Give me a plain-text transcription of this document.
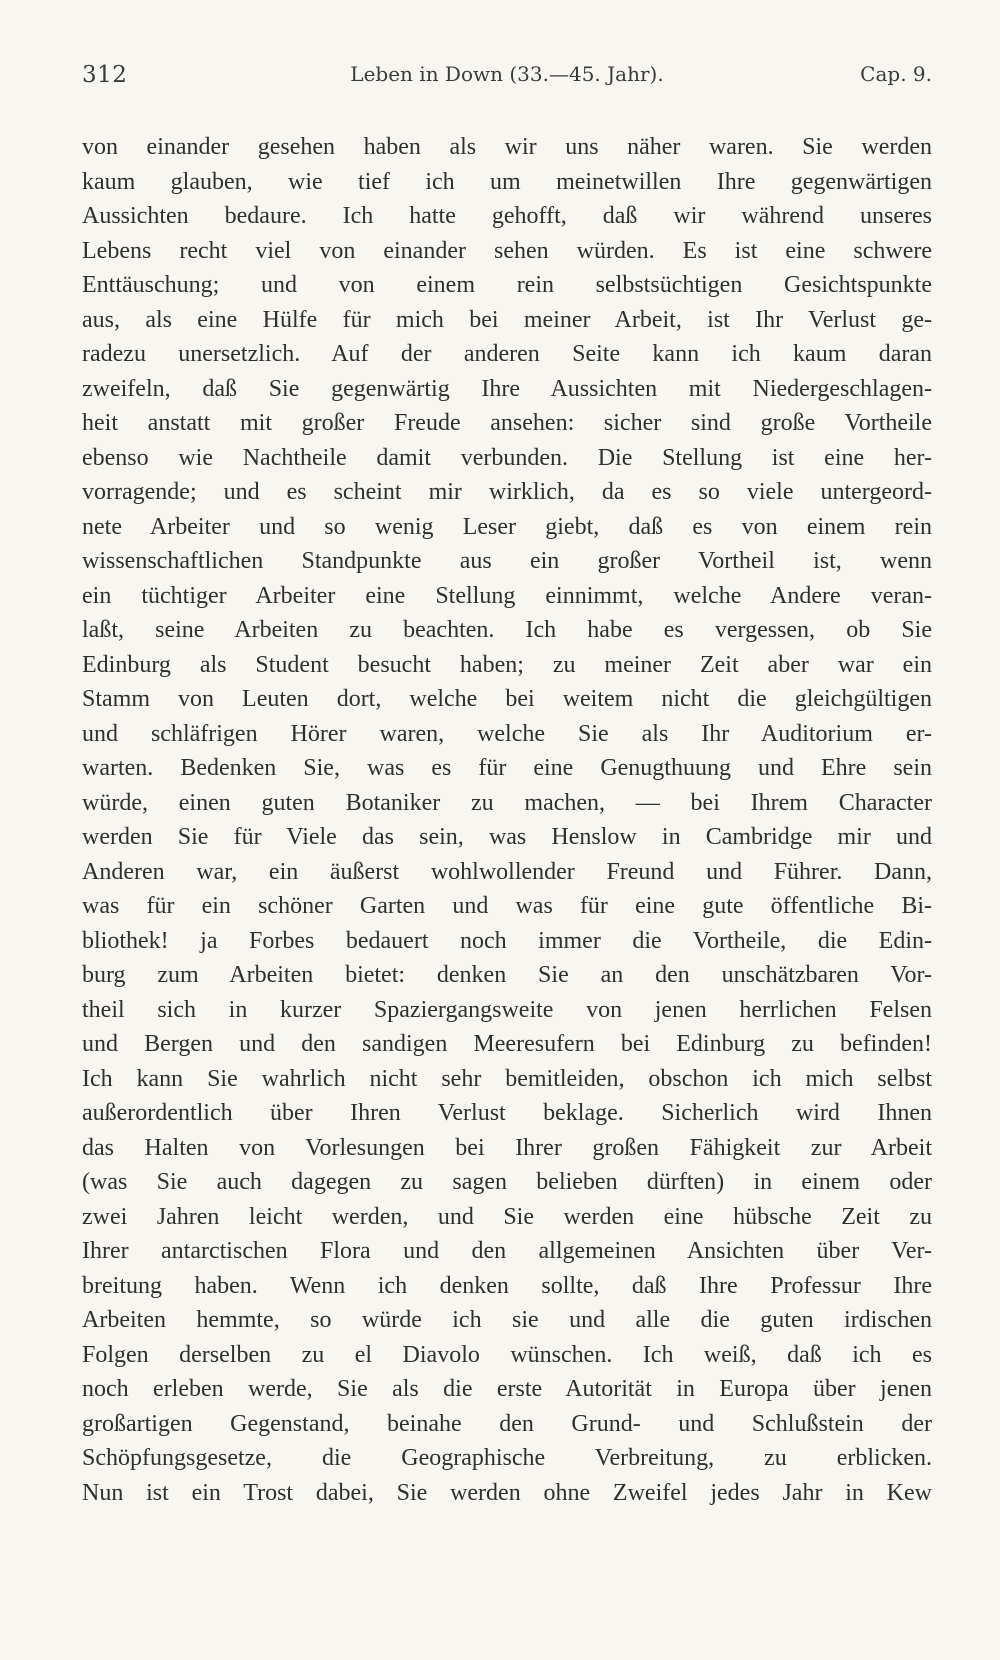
312	Leben in Down (33.—45. Jahr).	Cap. 9.
von einander gesehen haben als wir uns näher waren. Sie werden
kaum glauben, wie tief ich um meinetwillen Ihre gegenwärtigen
Aussichten bedaure. Ich hatte gehofft, daß wir während unseres
Lebens recht viel von einander sehen würden. Es ist eine schwere
Enttäuschung; und von einem rein selbstsüchtigen Gesichtspunkte
aus, als eine Hülfe für mich bei meiner Arbeit, ist Ihr Verlust ge-
radezu unersetzlich. Auf der anderen Seite kann ich kaum daran
zweifeln, daß Sie gegenwärtig Ihre Aussichten mit Niedergeschlagen-
heit anstatt mit großer Freude ansehen: sicher sind große Vortheile
ebenso wie Nachtheile damit verbunden. Die Stellung ist eine her-
vorragende; und es scheint mir wirklich, da es so viele untergeord-
nete Arbeiter und so wenig Leser giebt, daß es von einem rein
wissenschaftlichen Standpunkte aus ein großer Vortheil ist, wenn
ein tüchtiger Arbeiter eine Stellung einnimmt, welche Andere veran-
laßt, seine Arbeiten zu beachten. Ich habe es vergessen, ob Sie
Edinburg als Student besucht haben; zu meiner Zeit aber war ein
Stamm von Leuten dort, welche bei weitem nicht die gleichgültigen
und schläfrigen Hörer waren, welche Sie als Ihr Auditorium er-
warten. Bedenken Sie, was es für eine Genugthuung und Ehre sein
würde, einen guten Botaniker zu machen, — bei Ihrem Character
werden Sie für Viele das sein, was Henslow in Cambridge mir und
Anderen war, ein äußerst wohlwollender Freund und Führer. Dann,
was für ein schöner Garten und was für eine gute öffentliche Bi-
bliothek! ja Forbes bedauert noch immer die Vortheile, die Edin-
burg zum Arbeiten bietet: denken Sie an den unschätzbaren Vor-
theil sich in kurzer Spaziergangsweite von jenen herrlichen Felsen
und Bergen und den sandigen Meeresufern bei Edinburg zu befinden!
Ich kann Sie wahrlich nicht sehr bemitleiden, obschon ich mich selbst
außerordentlich über Ihren Verlust beklage. Sicherlich wird Ihnen
das Halten von Vorlesungen bei Ihrer großen Fähigkeit zur Arbeit
(was Sie auch dagegen zu sagen belieben dürften) in einem oder
zwei Jahren leicht werden, und Sie werden eine hübsche Zeit zu
Ihrer antarctischen Flora und den allgemeinen Ansichten über Ver-
breitung haben. Wenn ich denken sollte, daß Ihre Professur Ihre
Arbeiten hemmte, so würde ich sie und alle die guten irdischen
Folgen derselben zu el Diavolo wünschen. Ich weiß, daß ich es
noch erleben werde, Sie als die erste Autorität in Europa über jenen
großartigen Gegenstand, beinahe den Grund- und Schlußstein der
Schöpfungsgesetze, die Geographische Verbreitung, zu erblicken.
Nun ist ein Trost dabei, Sie werden ohne Zweifel jedes Jahr in Kew
